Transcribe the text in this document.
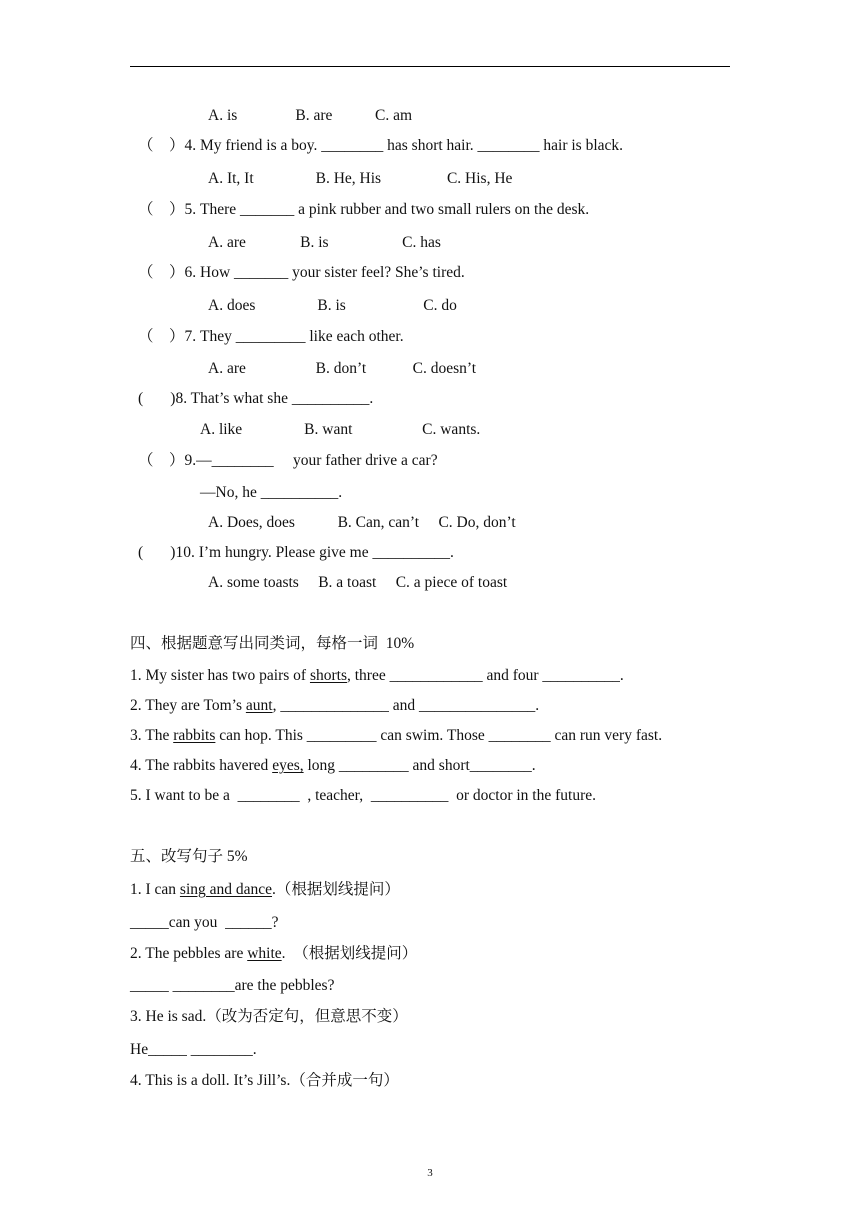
A. is               B. are           C. am
（    ）4. My friend is a boy. ________ has short hair. ________ hair is black.
A. It, It                B. He, His                 C. His, He
（    ）5. There _______ a pink rubber and two small rulers on the desk.
A. are              B. is                   C. has
（    ）6. How _______ your sister feel? She’s tired.
A. does                B. is                    C. do
（    ）7. They _________ like each other.
A. are                  B. don’t            C. doesn’t
(       )8. That’s what she __________.
A. like                B. want                  C. wants.
（    ）9.—________     your father drive a car?
—No, he __________.
A. Does, does           B. Can, can’t     C. Do, don’t
(       )10. I’m hungry. Please give me __________.
A. some toasts     B. a toast     C. a piece of toast
四、根据题意写出同类词，每格一词  10%
1. My sister has two pairs of shorts, three ____________ and four __________.
2. They are Tom’s aunt, ______________ and _______________.
3. The rabbits can hop. This _________ can swim. Those ________ can run very fast.
4. The rabbits havered eyes, long _________ and short________.
5. I want to be a  ________  , teacher,  __________  or doctor in the future.
五、改写句子 5%
1. I can sing and dance.（根据划线提问）
_____can you  ______?
2. The pebbles are white.  （根据划线提问）
_____ ________are the pebbles?
3. He is sad.（改为否定句，但意思不变）
He_____ ________.
4. This is a doll. It’s Jill’s.（合并成一句）
3
